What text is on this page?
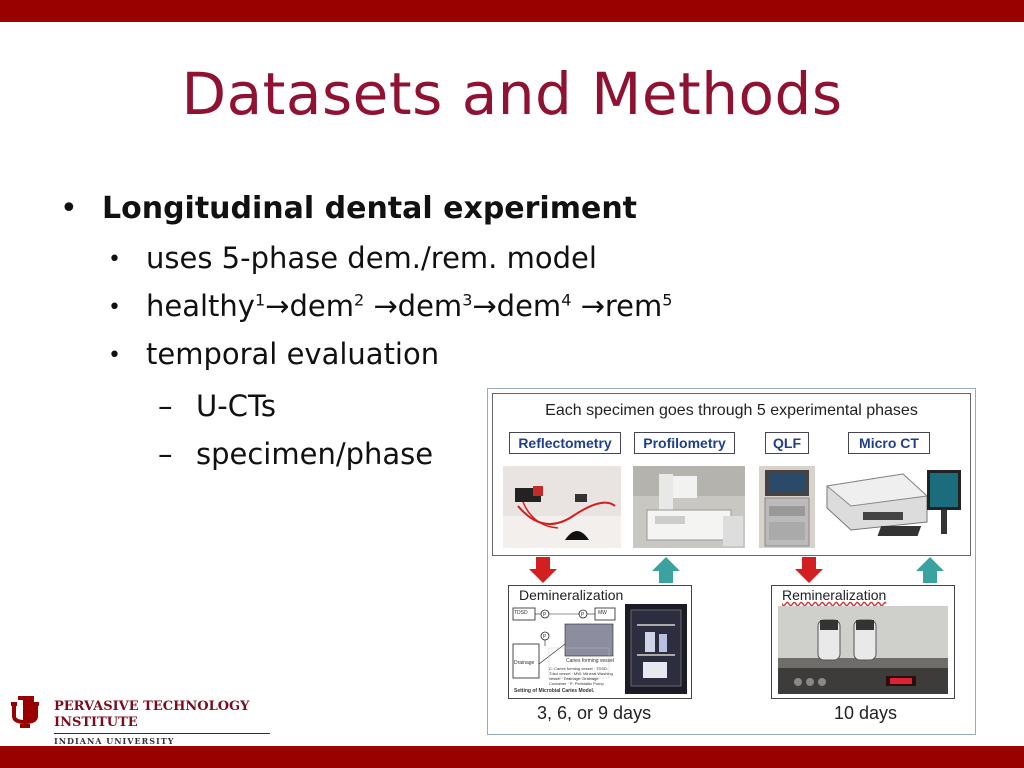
Datasets and Methods
• Longitudinal dental experiment
• uses 5-phase dem./rem. model
• healthy$^1$→dem$^2$ →dem$^3$→dem$^4$ →rem$^5$
• temporal evaluation
– U-CTs
– specimen/phase
Each specimen goes through 5 experimental phases
Reflectometry	Profilometry	QLF	Micro CT
Demineralization
TDSD	P	P
P
MW
Drainage	Caries forming vessel
C: Caries forming vessel · TDSD: Tdsd vessel · MW: Mineral Washing vessel · Drainage: Drainage Container · P: Peristaltic Pump
Setting of Microbial Caries Model.
3, 6, or 9 days
Remineralization
10 days
PERVASIVE TECHNOLOGY
INSTITUTE
INDIANA UNIVERSITY
